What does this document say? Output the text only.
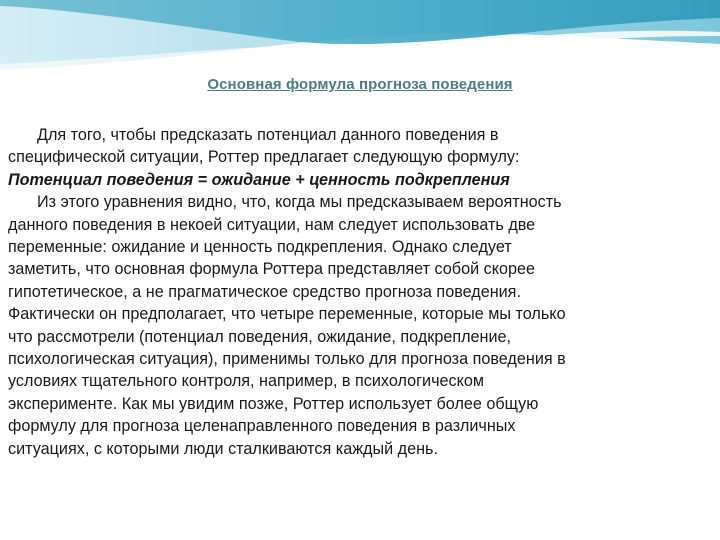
Основная формула прогноза поведения
Для того, чтобы предсказать потенциал данного поведения в
специфической ситуации, Роттер предлагает следующую формулу:
Потенциал поведения = ожидание + ценность подкрепления
Из этого уравнения видно, что, когда мы предсказываем вероятность
данного поведения в некоей ситуации, нам следует использовать две
переменные: ожидание и ценность подкрепления. Однако следует
заметить, что основная формула Роттера представляет собой скорее
гипотетическое, а не прагматическое средство прогноза поведения.
Фактически он предполагает, что четыре переменные, которые мы только
что рассмотрели (потенциал поведения, ожидание, подкрепление,
психологическая ситуация), применимы только для прогноза поведения в
условиях тщательного контроля, например, в психологическом
эксперименте. Как мы увидим позже, Роттер использует более общую
формулу для прогноза целенаправленного поведения в различных
ситуациях, с которыми люди сталкиваются каждый день.
